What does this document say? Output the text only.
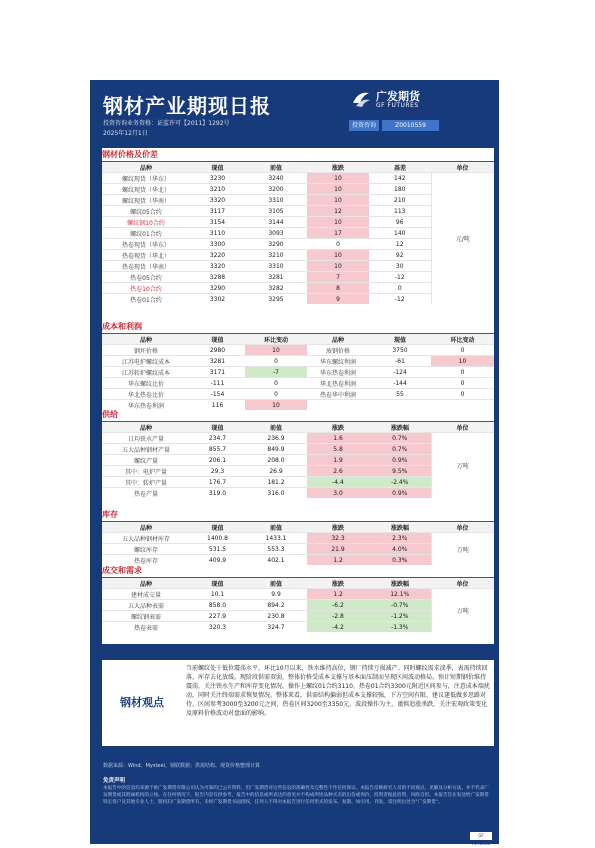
钢材产业期现日报	广发期货
GF FUTURES
投资咨询业务资格：证监许可【2011】1292号
2025年12月1日
投资咨询	Z0010559
钢材价格及价差
品种	现值	前值	涨跌	基差	单位
螺纹现货（华东）	3230	3240	10	142	元/吨
螺纹现货（华北）	3210	3200	10	180	
螺纹现货（华南）	3320	3310	10	210	
螺纹05合约	3117	3105	12	113	
螺纹钢10合约	3154	3144	10	96	
螺纹01合约	3110	3093	17	140	
热卷现货（华东）	3300	3290	0	12	
热卷现货（华北）	3220	3210	10	92	
热卷现货（华南）	3320	3310	10	30	
热卷05合约	3288	3281	7	-12	
热卷10合约	3290	3282	8	0	
热卷01合约	3302	3295	9	-12	
成本和利润
品种	现值	环比变动	品种	现值	环比变动
钢坯价格	2980	10	废钢价格	3750	0
江苏电炉螺纹成本	3281	0	华东螺纹利润	-61	10
江苏转炉螺纹成本	3171	-7	华东热卷利润	-124	0
华东螺纹比价	-111	0	华北热卷利润	-144	0
华北热卷比价	-154	0	热卷华中利润	55	0
华东热卷利润	116	10			
供给
品种	现值	前值	涨跌	涨跌幅	单位
日均铁水产量	234.7	236.9	1.6	0.7%	万吨
五大品种钢材产量	855.7	849.9	5.8	0.7%	
螺纹产量	206.1	208.0	1.9	0.9%	
其中：电炉产量	29.3	26.9	2.6	9.5%	
其中：转炉产量	176.7	181.2	-4.4	-2.4%	
热卷产量	319.0	316.0	3.0	0.9%	
库存
品种	现值	前值	涨跌	涨跌幅	单位
五大品种钢材库存	1400.8	1433.1	32.3	2.3%	万吨
螺纹库存	531.5	553.3	21.9	4.0%	
热卷库存	409.9	402.1	1.2	0.3%	
成交和需求
品种	现值	前值	涨跌	涨跌幅	单位
建材成交量	10.1	9.9	1.2	12.1%	万吨
五大品种表需	858.0	894.2	-6.2	-0.7%	
螺纹钢表需	227.9	230.8	-2.8	-1.2%	
热卷表需	320.3	324.7	-4.2	-1.3%	
钢材观点
当前螺纹处于低位震荡水平，环比10月以来，铁水维持高位，钢厂持续亏损减产。同时螺纹需求淡季，表需持续回落，库存去化放缓。现阶段供需双弱，整体价格受成本支撑与基本面压制而呈现区间波动格局。预计短期钢价维持震荡，关注铁水生产和库存变化情况。操作上螺纹01合约3110、热卷01合约3300元附近区间参与，注意成本端扰动，同时关注终端需求恢复情况。整体来看，供需结构偏弱但成本支撑较强，下方空间有限，建议逢低做多思路对待，区间参考3000至3200元之间，热卷区间3200至3350元，波段操作为主，谨慎追涨杀跌，关注宏观政策变化及原料价格波动对盘面的影响。
数据来源：Wind、Mysteel、钢联数据；供需结构、现货价格整理计算
免责声明
本报告中的信息均来源于被广发期货有限公司认为可靠的已公开资料，但广发期货对这些信息的准确性及完整性不作任何保证。本报告反映研究人员的不同观点、见解及分析方法，并不代表广发期货或其附属机构的立场。在任何情况下，报告内容仅供参考，报告中的信息或所表达的意见并不构成所述品种买卖的出价或询价，投资者据此投资，风险自担。本报告旨在发送给广发期货特定客户及其他专业人士，版权归广发期货所有，未经广发期货书面授权，任何人不得对本报告进行任何形式的发布、复制。如引用、刊发，需注明出处为"广发期货"。
GF FUTURES
